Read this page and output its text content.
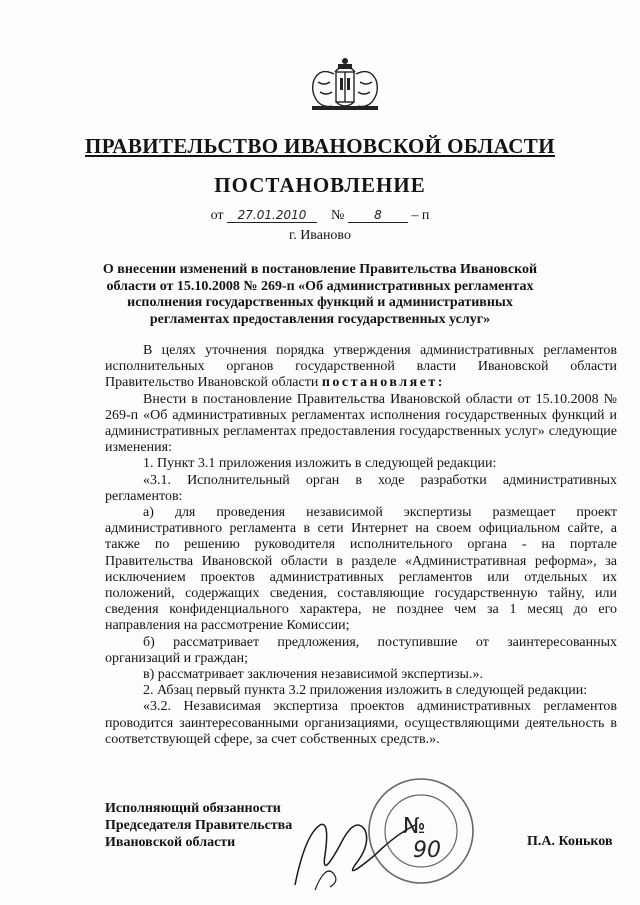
ПРАВИТЕЛЬСТВО ИВАНОВСКОЙ ОБЛАСТИ
ПОСТАНОВЛЕНИЕ
от 27.01.2010 № 8 – п
г. Иваново
О внесении изменений в постановление Правительства Ивановской области от 15.10.2008 № 269-п «Об административных регламентах исполнения государственных функций и административных регламентах предоставления государственных услуг»

В целях уточнения порядка утверждения административных регламентов исполнительных органов государственной власти Ивановской области Правительство Ивановской области постановляет:

Внести в постановление Правительства Ивановской области от 15.10.2008 № 269-п «Об административных регламентах исполнения государственных функций и административных регламентах предоставления государственных услуг» следующие изменения:

1. Пункт 3.1 приложения изложить в следующей редакции:

«3.1. Исполнительный орган в ходе разработки административных регламентов:

а) для проведения независимой экспертизы размещает проект административного регламента в сети Интернет на своем официальном сайте, а также по решению руководителя исполнительного органа - на портале Правительства Ивановской области в разделе «Административная реформа», за исключением проектов административных регламентов или отдельных их положений, содержащих сведения, составляющие государственную тайну, или сведения конфиденциального характера, не позднее чем за 1 месяц до его направления на рассмотрение Комиссии;

б) рассматривает предложения, поступившие от заинтересованных организаций и граждан;

в) рассматривает заключения независимой экспертизы.».

2. Абзац первый пункта 3.2 приложения изложить в следующей редакции:

«3.2. Независимая экспертиза проектов административных регламентов проводится заинтересованными организациями, осуществляющими деятельность в соответствующей сфере, за счет собственных средств.».

Исполняющий обязанности
Председателя Правительства
Ивановской области	П.А. Коньков
№
90
